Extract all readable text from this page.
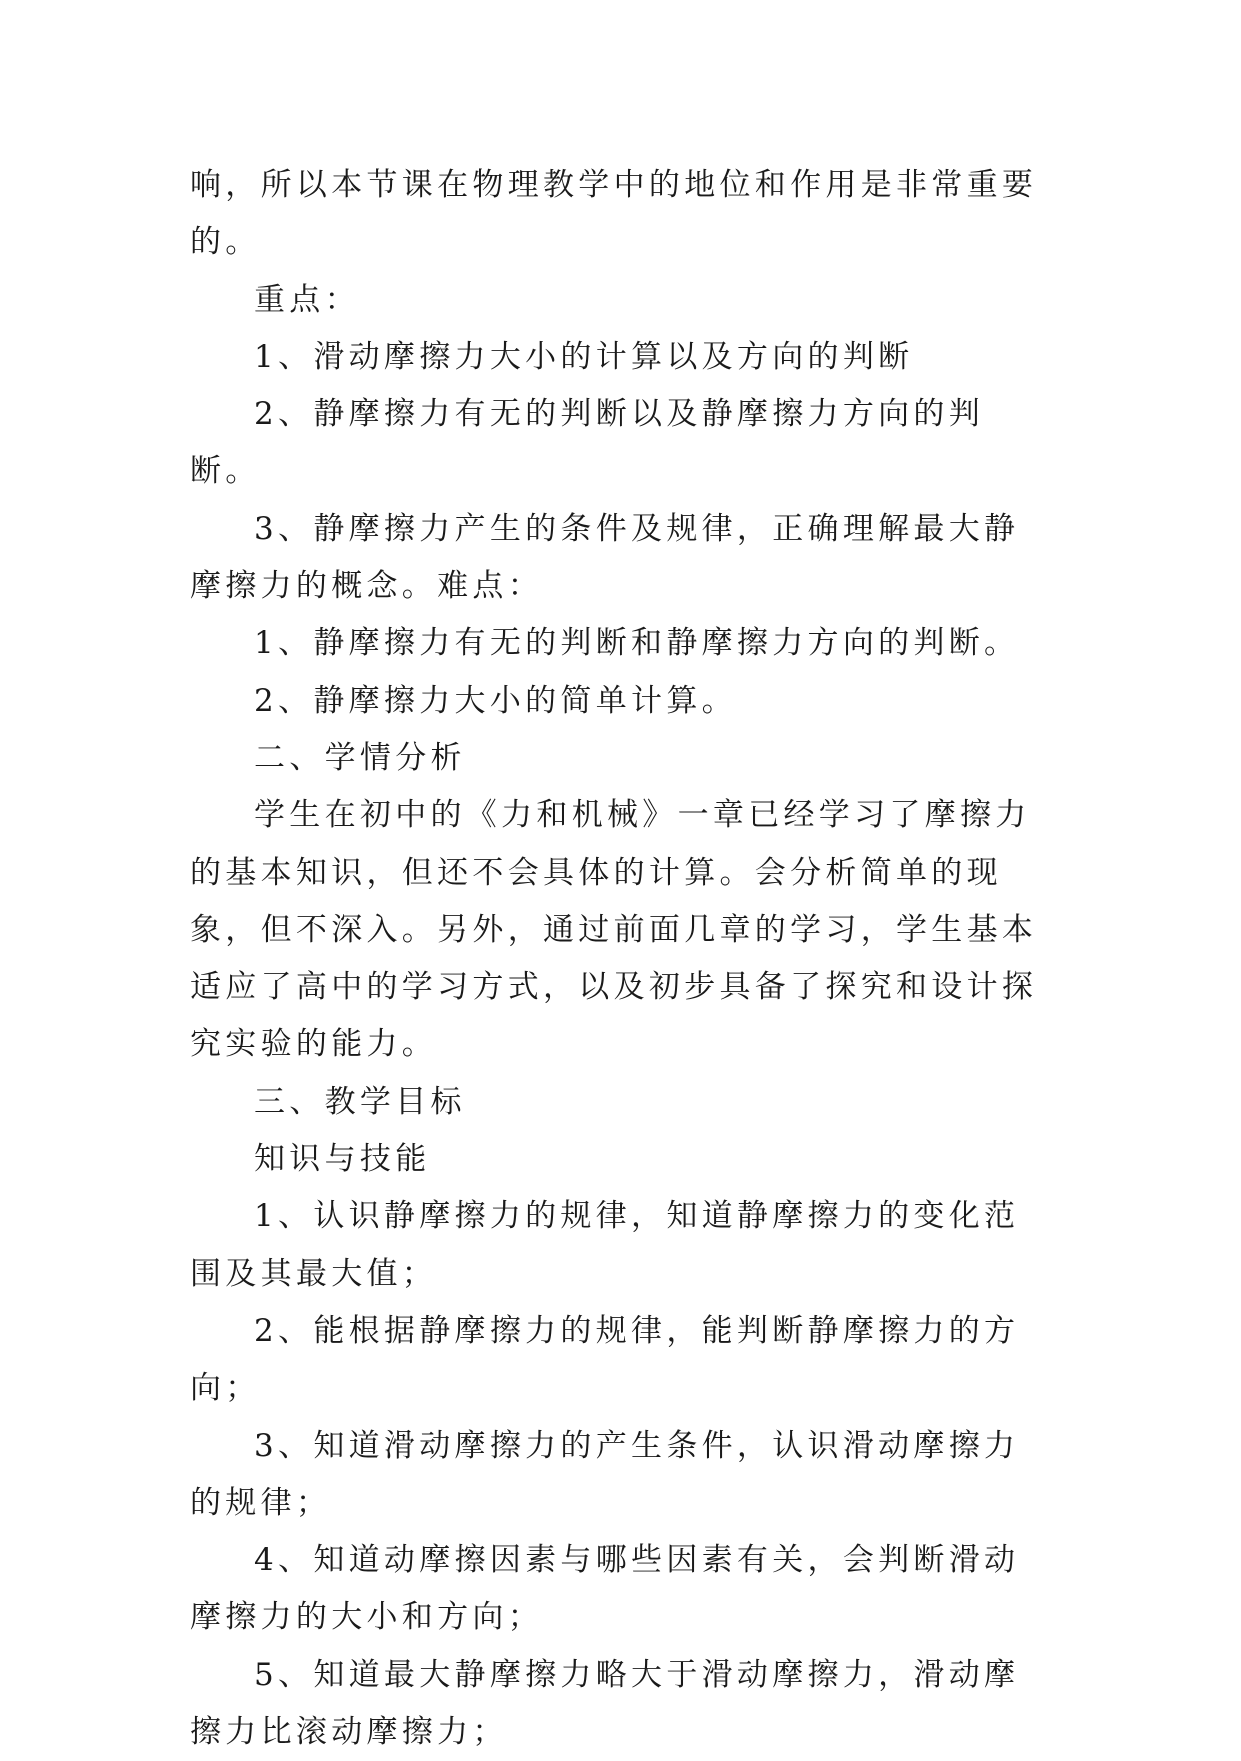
响，所以本节课在物理教学中的地位和作用是非常重要的。

重点：

1、滑动摩擦力大小的计算以及方向的判断

2、静摩擦力有无的判断以及静摩擦力方向的判断。

3、静摩擦力产生的条件及规律，正确理解最大静摩擦力的概念。难点：

1、静摩擦力有无的判断和静摩擦力方向的判断。

2、静摩擦力大小的简单计算。

二、学情分析

学生在初中的《力和机械》一章已经学习了摩擦力的基本知识，但还不会具体的计算。会分析简单的现象，但不深入。另外，通过前面几章的学习，学生基本适应了高中的学习方式，以及初步具备了探究和设计探究实验的能力。

三、教学目标

知识与技能

1、认识静摩擦力的规律，知道静摩擦力的变化范围及其最大值；

2、能根据静摩擦力的规律，能判断静摩擦力的方向；

3、知道滑动摩擦力的产生条件，认识滑动摩擦力的规律；

4、知道动摩擦因素与哪些因素有关，会判断滑动摩擦力的大小和方向；

5、知道最大静摩擦力略大于滑动摩擦力，滑动摩擦力比滚动摩擦力；
